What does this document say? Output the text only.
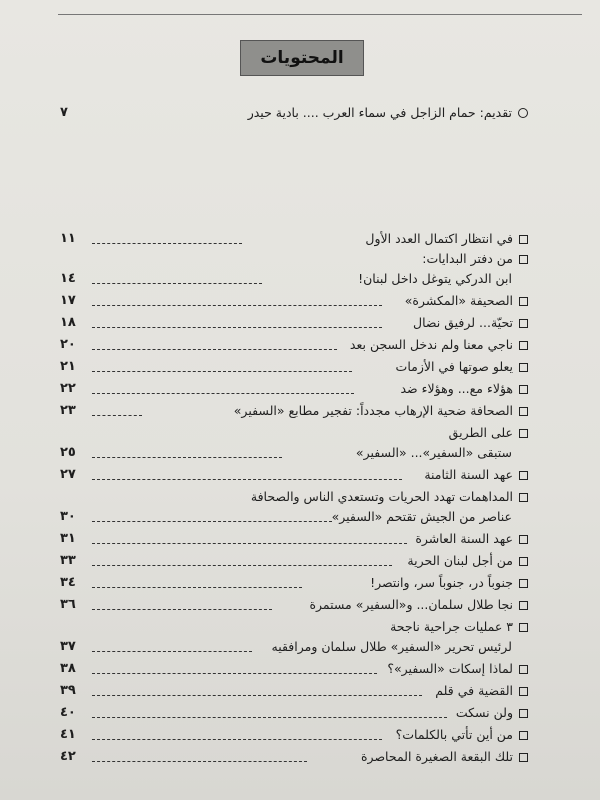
المحتويات
تقديم: حمام الزاجل في سماء العرب .... بادية حيدر
٧
في انتظار اكتمال العدد الأول
١١
من دفتر البدايات:
ابن الدركي يتوغل داخل لبنان!
١٤
الصحيفة «المكشرة»
١٧
تحيّة... لرفيق نضال
١٨
ناجي معنا ولم ندخل السجن بعد
٢٠
يعلو صوتها في الأزمات
٢١
هؤلاء مع... وهؤلاء ضد
٢٢
الصحافة ضحية الإرهاب مجدداً: تفجير مطابع «السفير»
٢٣
على الطريق
ستبقى «السفير»... «السفير»
٢٥
عهد السنة الثامنة
٢٧
المداهمات تهدد الحريات وتستعدي الناس والصحافة
عناصر من الجيش تقتحم «السفير»
٣٠
عهد السنة العاشرة
٣١
من أجل لبنان الحرية
٣٣
جنوباً در، جنوباً سر، وانتصر!
٣٤
نجا طلال سلمان... و«السفير» مستمرة
٣٦
٣ عمليات جراحية ناجحة
لرئيس تحرير «السفير» طلال سلمان ومرافقيه
٣٧
لماذا إسكات «السفير»؟
٣٨
القضية في قلم
٣٩
ولن نسكت
٤٠
من أين تأتي بالكلمات؟
٤١
تلك البقعة الصغيرة المحاصرة
٤٢
